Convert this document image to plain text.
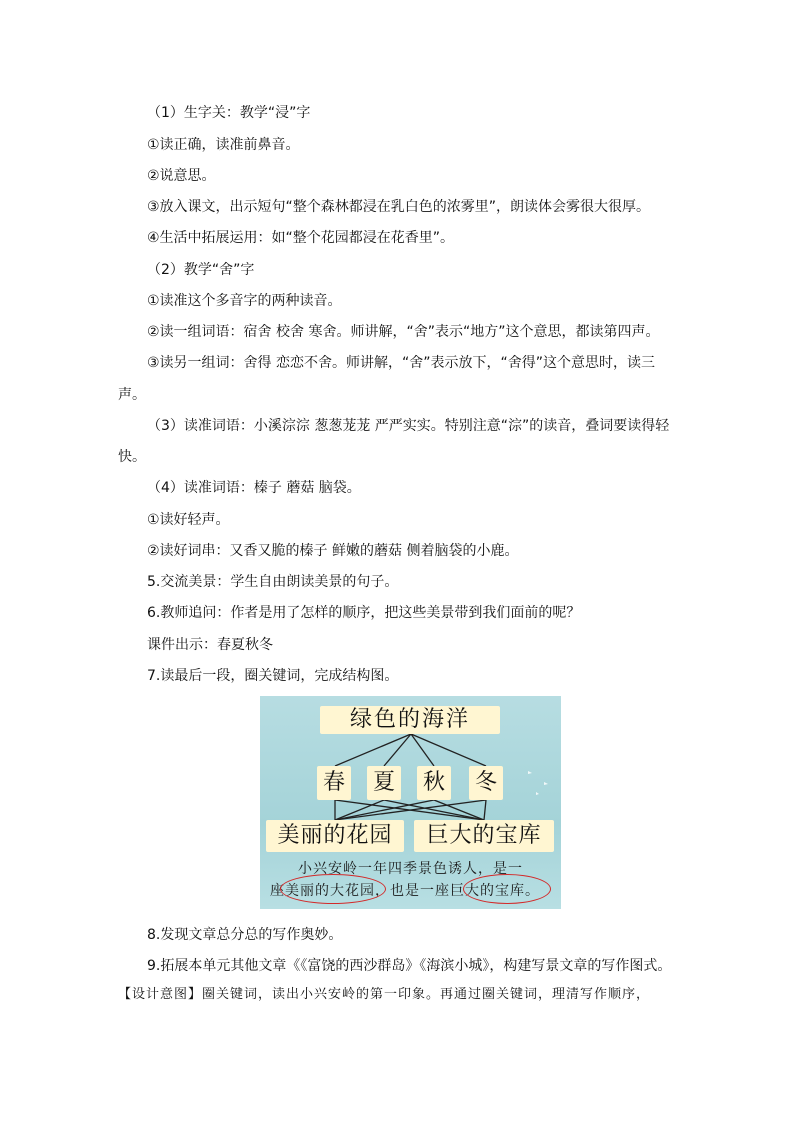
（1）生字关：教学“浸”字
①读正确，读准前鼻音。
②说意思。
③放入课文，出示短句“整个森林都浸在乳白色的浓雾里”，朗读体会雾很大很厚。
④生活中拓展运用：如“整个花园都浸在花香里”。
（2）教学“舍”字
①读准这个多音字的两种读音。
②读一组词语：宿舍 校舍 寒舍。师讲解，“舍”表示“地方”这个意思，都读第四声。
③读另一组词：舍得 恋恋不舍。师讲解，“舍”表示放下，“舍得”这个意思时，读三
声。
（3）读准词语：小溪淙淙 葱葱茏茏 严严实实。特别注意“淙”的读音，叠词要读得轻
快。
（4）读准词语：榛子 蘑菇 脑袋。
①读好轻声。
②读好词串：又香又脆的榛子 鲜嫩的蘑菇 侧着脑袋的小鹿。
5.交流美景：学生自由朗读美景的句子。
6.教师追问：作者是用了怎样的顺序，把这些美景带到我们面前的呢？
课件出示：春夏秋冬
7.读最后一段，圈关键词，完成结构图。
绿色的海洋
春 夏 秋 冬
美丽的花园	巨大的宝库
小兴安岭一年四季景色诱人，是一
座美丽的大花园，也是一座巨大的宝库。
8.发现文章总分总的写作奥妙。
9.拓展本单元其他文章《《富饶的西沙群岛》《海滨小城》，构建写景文章的写作图式。
【设计意图】圈关键词，读出小兴安岭的第一印象。再通过圈关键词，理清写作顺序，
